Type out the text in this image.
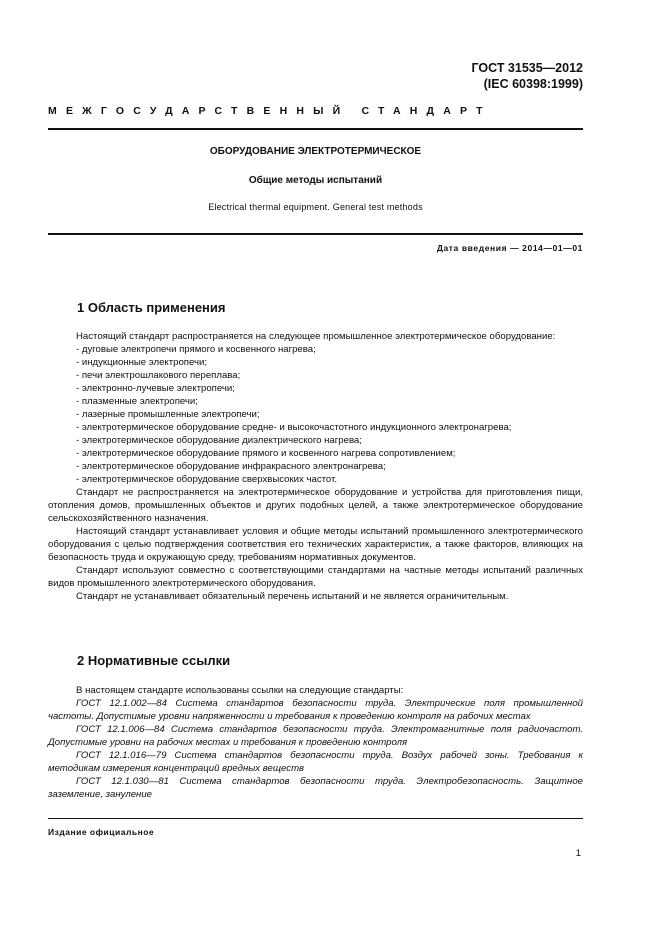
ГОСТ 31535—2012
(IEC 60398:1999)
МЕЖГОСУДАРСТВЕННЫЙ СТАНДАРТ
ОБОРУДОВАНИЕ ЭЛЕКТРОТЕРМИЧЕСКОЕ
Общие методы испытаний
Electrical thermal equipment. General test methods
Дата введения — 2014—01—01
1 Область применения

Настоящий стандарт распространяется на следующее промышленное электротермическое оборудование:

- дуговые электропечи прямого и косвенного нагрева;

- индукционные электропечи;

- печи электрошлакового переплава;

- электронно-лучевые электропечи;

- плазменные электропечи;

- лазерные промышленные электропечи;

- электротермическое оборудование средне- и высокочастотного индукционного электронагрева;

- электротермическое оборудование диэлектрического нагрева;

- электротермическое оборудование прямого и косвенного нагрева сопротивлением;

- электротермическое оборудование инфракрасного электронагрева;

- электротермическое оборудование сверхвысоких частот.

Стандарт не распространяется на электротермическое оборудование и устройства для приготовления пищи, отопления домов, промышленных объектов и других подобных целей, а также электротермическое оборудование сельскохозяйственного назначения.

Настоящий стандарт устанавливает условия и общие методы испытаний промышленного электротермического оборудования с целью подтверждения соответствия его технических характеристик, а также факторов, влияющих на безопасность труда и окружающую среду, требованиям нормативных документов.

Стандарт используют совместно с соответствующими стандартами на частные методы испытаний различных видов промышленного электротермического оборудования.

Стандарт не устанавливает обязательный перечень испытаний и не является ограничительным.

2 Нормативные ссылки

В настоящем стандарте использованы ссылки на следующие стандарты:

ГОСТ 12.1.002—84 Система стандартов безопасности труда. Электрические поля промышленной частоты. Допустимые уровни напряженности и требования к проведению контроля на рабочих местах

ГОСТ 12.1.006—84 Система стандартов безопасности труда. Электромагнитные поля радиочастот. Допустимые уровни на рабочих местах и требования к проведению контроля

ГОСТ 12.1.016—79 Система стандартов безопасности труда. Воздух рабочей зоны. Требования к методикам измерения концентраций вредных веществ

ГОСТ 12.1.030—81 Система стандартов безопасности труда. Электробезопасность. Защитное заземление, зануление

Издание официальное
1
